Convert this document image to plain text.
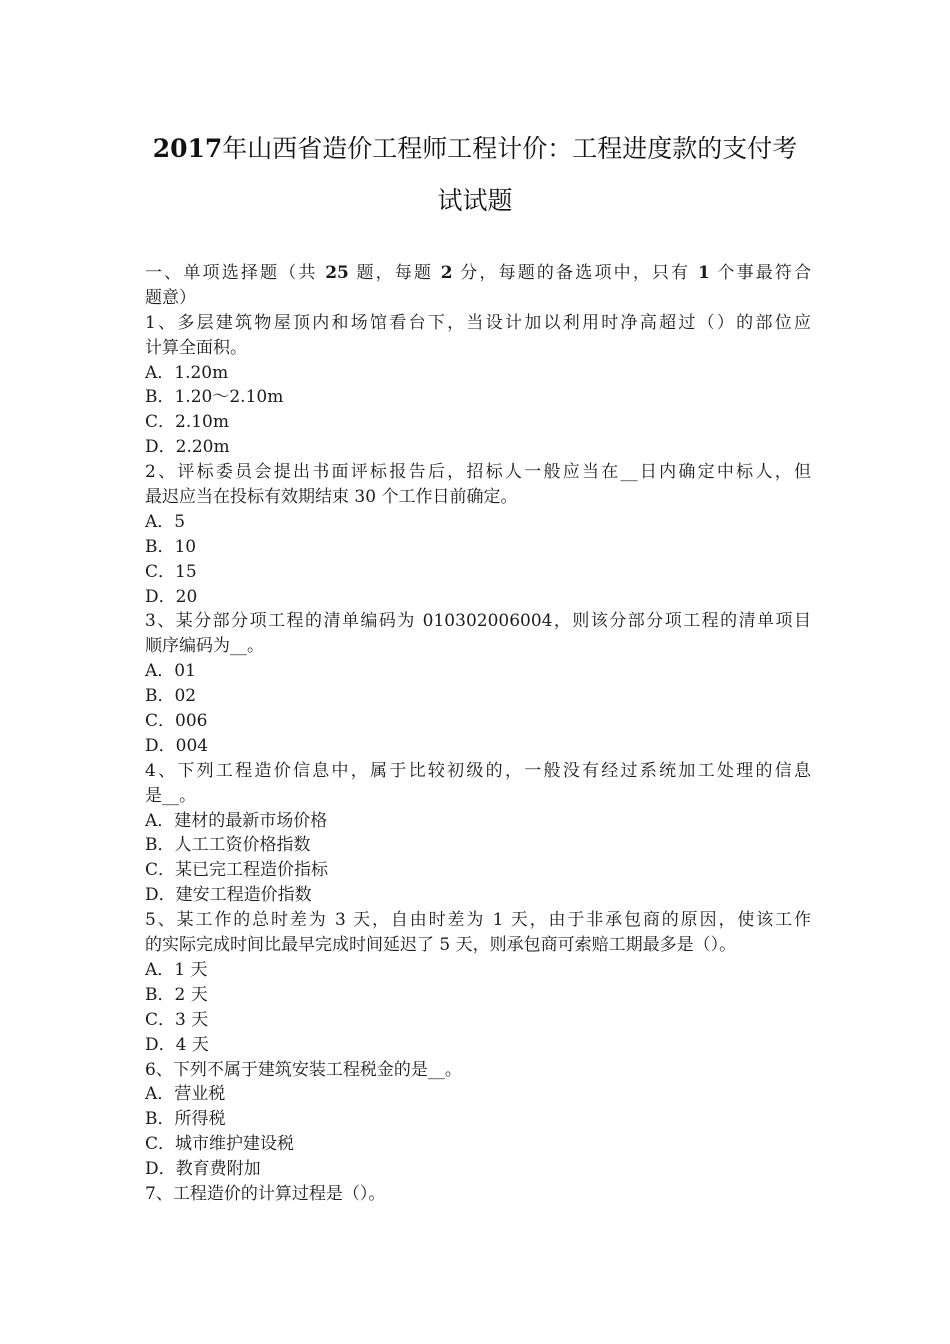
2017年山西省造价工程师工程计价：工程进度款的支付考
试试题
一、单项选择题（共 25 题，每题 2 分，每题的备选项中，只有 1 个事最符合
题意）
1、多层建筑物屋顶内和场馆看台下，当设计加以利用时净高超过（）的部位应
计算全面积。
A．1.20m
B．1.20～2.10m
C．2.10m
D．2.20m
2、评标委员会提出书面评标报告后，招标人一般应当在__日内确定中标人，但
最迟应当在投标有效期结束 30 个工作日前确定。
A．5
B．10
C．15
D．20
3、某分部分项工程的清单编码为 010302006004，则该分部分项工程的清单项目
顺序编码为__。
A．01
B．02
C．006
D．004
4、下列工程造价信息中，属于比较初级的，一般没有经过系统加工处理的信息
是__。
A．建材的最新市场价格
B．人工工资价格指数
C．某已完工程造价指标
D．建安工程造价指数
5、某工作的总时差为 3 天，自由时差为 1 天，由于非承包商的原因，使该工作
的实际完成时间比最早完成时间延迟了 5 天，则承包商可索赔工期最多是（）。
A．1 天
B．2 天
C．3 天
D．4 天
6、下列不属于建筑安装工程税金的是__。
A．营业税
B．所得税
C．城市维护建设税
D．教育费附加
7、工程造价的计算过程是（）。
